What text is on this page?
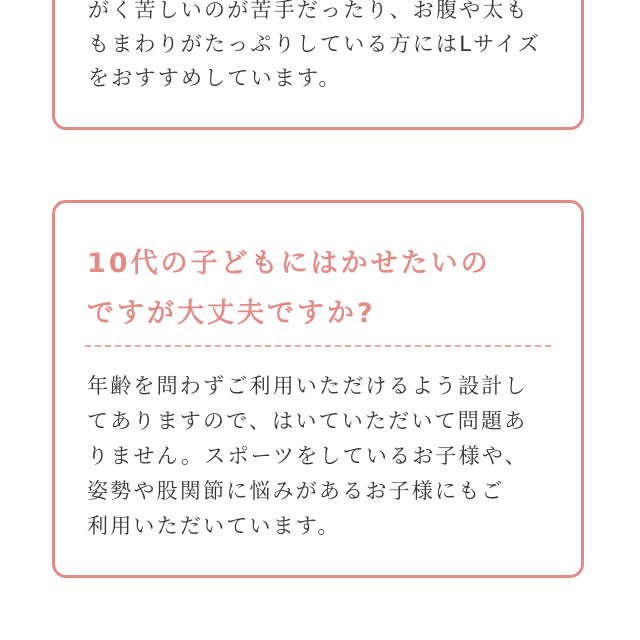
がく苦しいのが苦手だったり、お腹や太も
もまわりがたっぷりしている方にはLサイズ
をおすすめしています。
10代の子どもにはかせたいの
ですが大丈夫ですか?
年齢を問わずご利用いただけるよう設計し
てありますので、はいていただいて問題あ
りません。スポーツをしているお子様や、
姿勢や股関節に悩みがあるお子様にもご
利用いただいています。
